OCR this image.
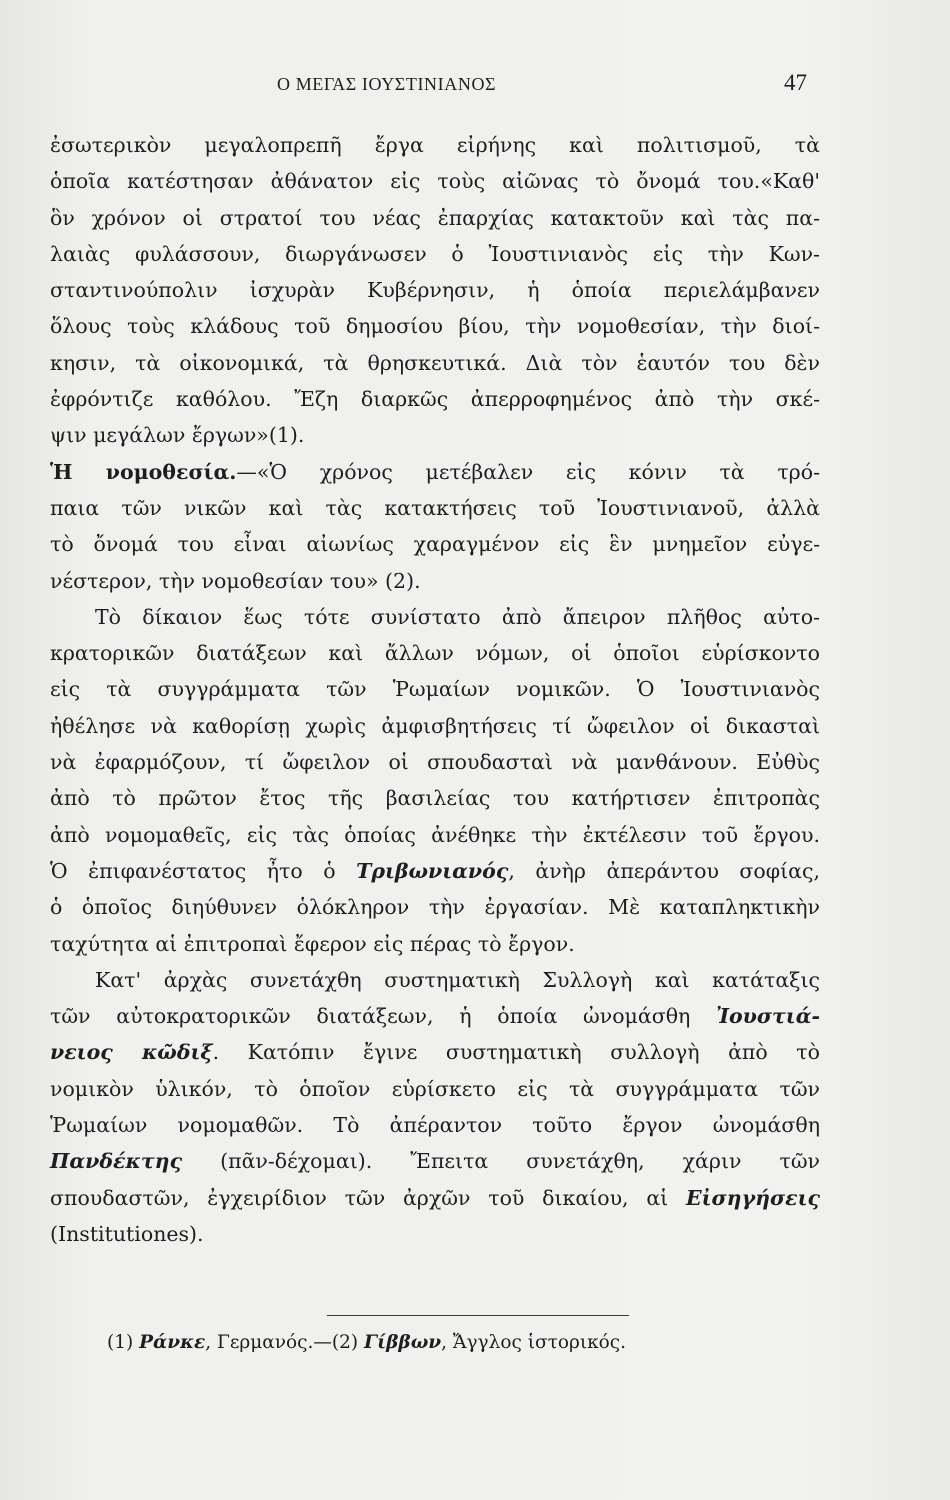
Ο ΜΕΓΑΣ ΙΟΥΣΤΙΝΙΑΝΟΣ	47
ἐσωτερικὸν μεγαλοπρεπῆ ἔργα εἰρήνης καὶ πολιτισμοῦ, τὰ
ὁποῖα κατέστησαν ἀθάνατον εἰς τοὺς αἰῶνας τὸ ὄνομά του.«Καθ'
ὃν χρόνον οἱ στρατοί του νέας ἐπαρχίας κατακτοῦν καὶ τὰς πα-
λαιὰς φυλάσσουν, διωργάνωσεν ὁ Ἰουστινιανὸς εἰς τὴν Κων-
σταντινούπολιν ἰσχυρὰν Κυβέρνησιν, ἡ ὁποία περιελάμβανεν
ὅλους τοὺς κλάδους τοῦ δημοσίου βίου, τὴν νομοθεσίαν, τὴν διοί-
κησιν, τὰ οἰκονομικά, τὰ θρησκευτικά. Διὰ τὸν ἑαυτόν του δὲν
ἐφρόντιζε καθόλου. Ἔζη διαρκῶς ἀπερροφημένος ἀπὸ τὴν σκέ-
ψιν μεγάλων ἔργων»(1).
Ἡ νομοθεσία.—«Ὁ χρόνος μετέβαλεν εἰς κόνιν τὰ τρό-
παια τῶν νικῶν καὶ τὰς κατακτήσεις τοῦ Ἰουστινιανοῦ, ἀλλὰ
τὸ ὄνομά του εἶναι αἰωνίως χαραγμένον εἰς ἓν μνημεῖον εὐγε-
νέστερον, τὴν νομοθεσίαν του» (2).
Τὸ δίκαιον ἕως τότε συνίστατο ἀπὸ ἄπειρον πλῆθος αὐτο-
κρατορικῶν διατάξεων καὶ ἄλλων νόμων, οἱ ὁποῖοι εὑρίσκοντο
εἰς τὰ συγγράμματα τῶν Ῥωμαίων νομικῶν. Ὁ Ἰουστινιανὸς
ἠθέλησε νὰ καθορίσῃ χωρὶς ἀμφισβητήσεις τί ὤφειλον οἱ δικασταὶ
νὰ ἐφαρμόζουν, τί ὤφειλον οἱ σπουδασταὶ νὰ μανθάνουν. Εὐθὺς
ἀπὸ τὸ πρῶτον ἔτος τῆς βασιλείας του κατήρτισεν ἐπιτροπὰς
ἀπὸ νομομαθεῖς, εἰς τὰς ὁποίας ἀνέθηκε τὴν ἐκτέλεσιν τοῦ ἔργου.
Ὁ ἐπιφανέστατος ἦτο ὁ Τριβωνιανός, ἀνὴρ ἀπεράντου σοφίας,
ὁ ὁποῖος διηύθυνεν ὁλόκληρον τὴν ἐργασίαν. Μὲ καταπληκτικὴν
ταχύτητα αἱ ἐπιτροπαὶ ἔφερον εἰς πέρας τὸ ἔργον.
Κατ' ἀρχὰς συνετάχθη συστηματικὴ Συλλογὴ καὶ κατάταξις
τῶν αὐτοκρατορικῶν διατάξεων, ἡ ὁποία ὠνομάσθη Ἰουστιά-
νειος κῶδιξ. Κατόπιν ἔγινε συστηματικὴ συλλογὴ ἀπὸ τὸ
νομικὸν ὑλικόν, τὸ ὁποῖον εὑρίσκετο εἰς τὰ συγγράμματα τῶν
Ῥωμαίων νομομαθῶν. Τὸ ἀπέραντον τοῦτο ἔργον ὠνομάσθη
Πανδέκτης (πᾶν-δέχομαι). Ἔπειτα συνετάχθη, χάριν τῶν
σπουδαστῶν, ἐγχειρίδιον τῶν ἀρχῶν τοῦ δικαίου, αἱ Εἰσηγήσεις
(Institutiones).
(1) Ράνκε, Γερμανός.—(2) Γίββων, Ἄγγλος ἱστορικός.
